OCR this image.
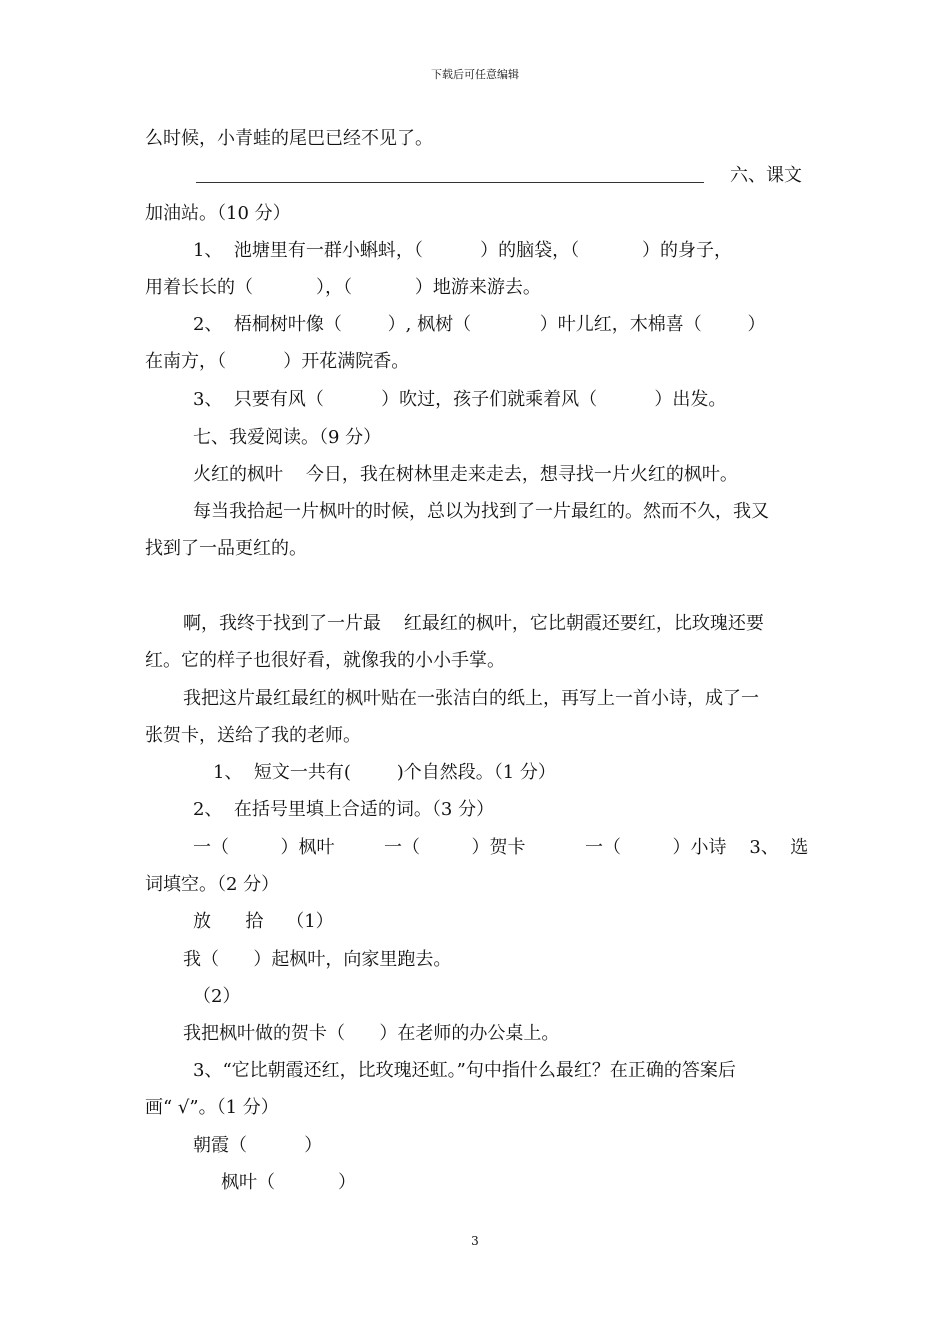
下载后可任意编辑
么时候，小青蛙的尾巴已经不见了。
六、课文
加油站。（10 分）
1、  池塘里有一群小蝌蚪，（          ）的脑袋，（           ）的身子，
用着长长的（           ），（           ）地游来游去。
2、  梧桐树叶像（        ）, 枫树（            ）叶儿红，木棉喜（        ）
在南方，（          ）开花满院香。
3、  只要有风（          ）吹过，孩子们就乘着风（          ）出发。
七、我爱阅读。（9 分）
火红的枫叶    今日，我在树林里走来走去，想寻找一片火红的枫叶。
每当我拾起一片枫叶的时候，总以为找到了一片最红的。然而不久，我又
找到了一品更红的。
啊，我终于找到了一片最    红最红的枫叶，它比朝霞还要红，比玫瑰还要
红。它的样子也很好看，就像我的小小手掌。
我把这片最红最红的枫叶贴在一张洁白的纸上，再写上一首小诗，成了一
张贺卡，送给了我的老师。
1、  短文一共有(        )个自然段。（1 分）
2、  在括号里填上合适的词。（3 分）
一（         ）枫叶	一（         ）贺卡	一（         ）小诗    3、  选
词填空。（2 分）
放      拾    （1）
我（      ）起枫叶，向家里跑去。
（2）
我把枫叶做的贺卡（      ）在老师的办公桌上。
3、“它比朝霞还红，比玫瑰还虹。”句中指什么最红？在正确的答案后
画“ √”。（1 分）
朝霞（          ）
枫叶（           ）
3
